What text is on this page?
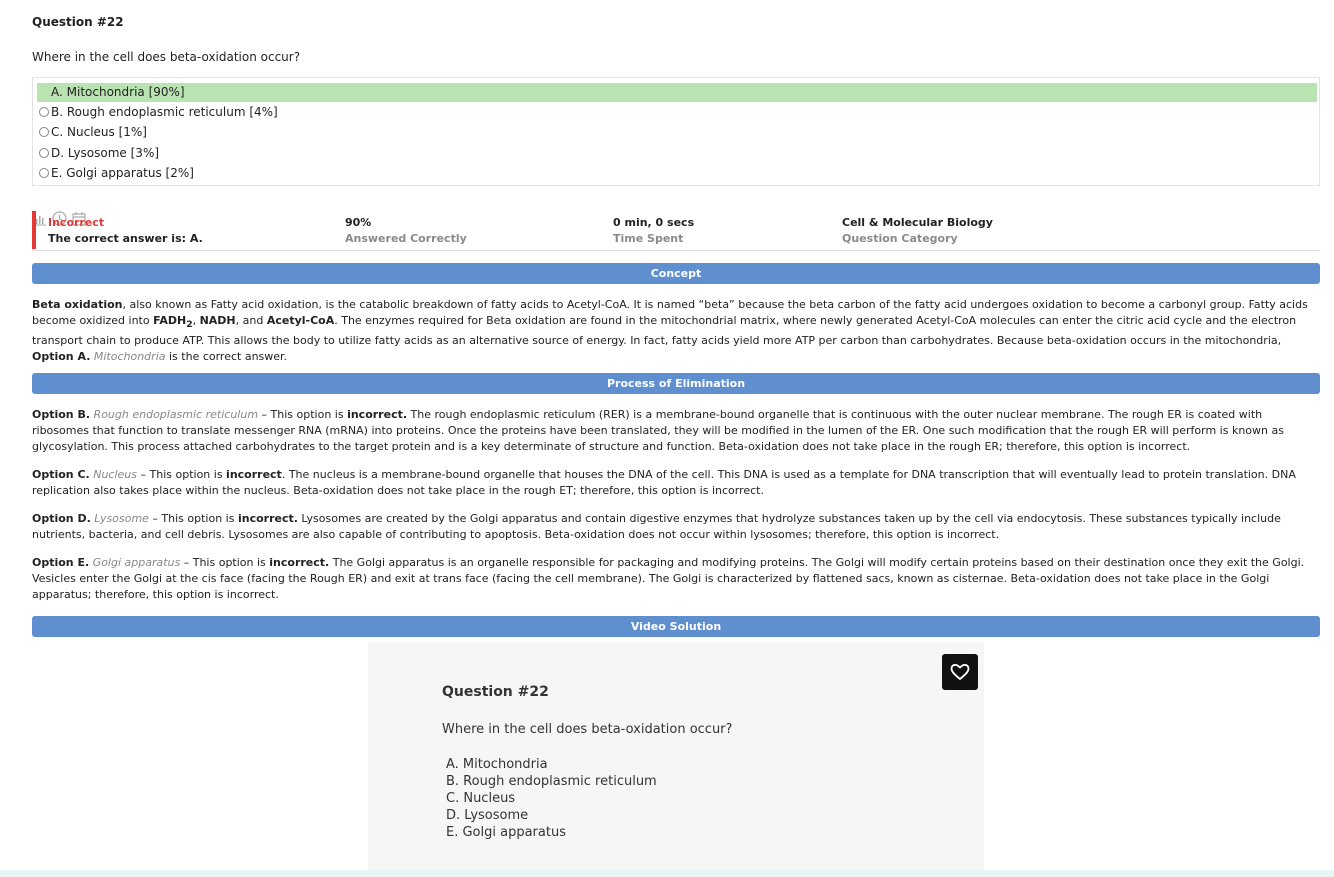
Question #22
Where in the cell does beta-oxidation occur?
A. Mitochondria [90%]
B. Rough endoplasmic reticulum [4%]
C. Nucleus [1%]
D. Lysosome [3%]
E. Golgi apparatus [2%]
Incorrect
The correct answer is: A.

90%
Answered Correctly

0 min, 0 secs
Time Spent
Cell & Molecular Biology
Question Category
Concept
Beta oxidation, also known as Fatty acid oxidation, is the catabolic breakdown of fatty acids to Acetyl-CoA. It is named “beta” because the beta carbon of the fatty acid undergoes oxidation to become a carbonyl group. Fatty acids become oxidized into $FADH_2$, NADH, and Acetyl-CoA. The enzymes required for Beta oxidation are found in the mitochondrial matrix, where newly generated Acetyl-CoA molecules can enter the citric acid cycle and the electron transport chain to produce ATP. This allows the body to utilize fatty acids as an alternative source of energy. In fact, fatty acids yield more ATP per carbon than carbohydrates. Because beta-oxidation occurs in the mitochondria, Option A. Mitochondria is the correct answer.
Process of Elimination
Option B. Rough endoplasmic reticulum – This option is incorrect. The rough endoplasmic reticulum (RER) is a membrane-bound organelle that is continuous with the outer nuclear membrane. The rough ER is coated with ribosomes that function to translate messenger RNA (mRNA) into proteins. Once the proteins have been translated, they will be modified in the lumen of the ER. One such modification that the rough ER will perform is known as glycosylation. This process attached carbohydrates to the target protein and is a key determinate of structure and function. Beta-oxidation does not take place in the rough ER; therefore, this option is incorrect.
Option C. Nucleus – This option is incorrect. The nucleus is a membrane-bound organelle that houses the DNA of the cell. This DNA is used as a template for DNA transcription that will eventually lead to protein translation. DNA replication also takes place within the nucleus. Beta-oxidation does not take place in the rough ET; therefore, this option is incorrect.
Option D. Lysosome – This option is incorrect. Lysosomes are created by the Golgi apparatus and contain digestive enzymes that hydrolyze substances taken up by the cell via endocytosis. These substances typically include nutrients, bacteria, and cell debris. Lysosomes are also capable of contributing to apoptosis. Beta-oxidation does not occur within lysosomes; therefore, this option is incorrect.
Option E. Golgi apparatus – This option is incorrect. The Golgi apparatus is an organelle responsible for packaging and modifying proteins. The Golgi will modify certain proteins based on their destination once they exit the Golgi. Vesicles enter the Golgi at the cis face (facing the Rough ER) and exit at trans face (facing the cell membrane). The Golgi is characterized by flattened sacs, known as cisternae. Beta-oxidation does not take place in the Golgi apparatus; therefore, this option is incorrect.
Video Solution
Question #22
Where in the cell does beta-oxidation occur?
A. Mitochondria
B. Rough endoplasmic reticulum
C. Nucleus
D. Lysosome
E. Golgi apparatus
